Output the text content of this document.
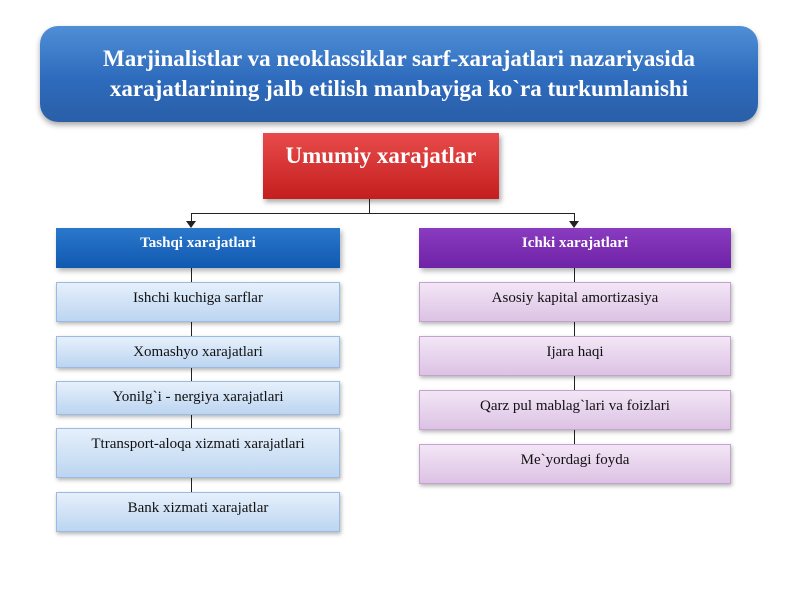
Marjinalistlar va neoklassiklar sarf-xarajatlari nazariyasida
xarajatlarining jalb etilish manbayiga ko`ra turkumlanishi
Umumiy xarajatlar
Tashqi xarajatlari	Ichki xarajatlari
Ishchi kuchiga sarflar
Xomashyo xarajatlari
Yonilg`i - nergiya xarajatlari
Ttransport-aloqa xizmati xarajatlari
Bank xizmati xarajatlar
Asosiy kapital amortizasiya
Ijara haqi
Qarz pul mablag`lari va foizlari
Me`yordagi foyda
